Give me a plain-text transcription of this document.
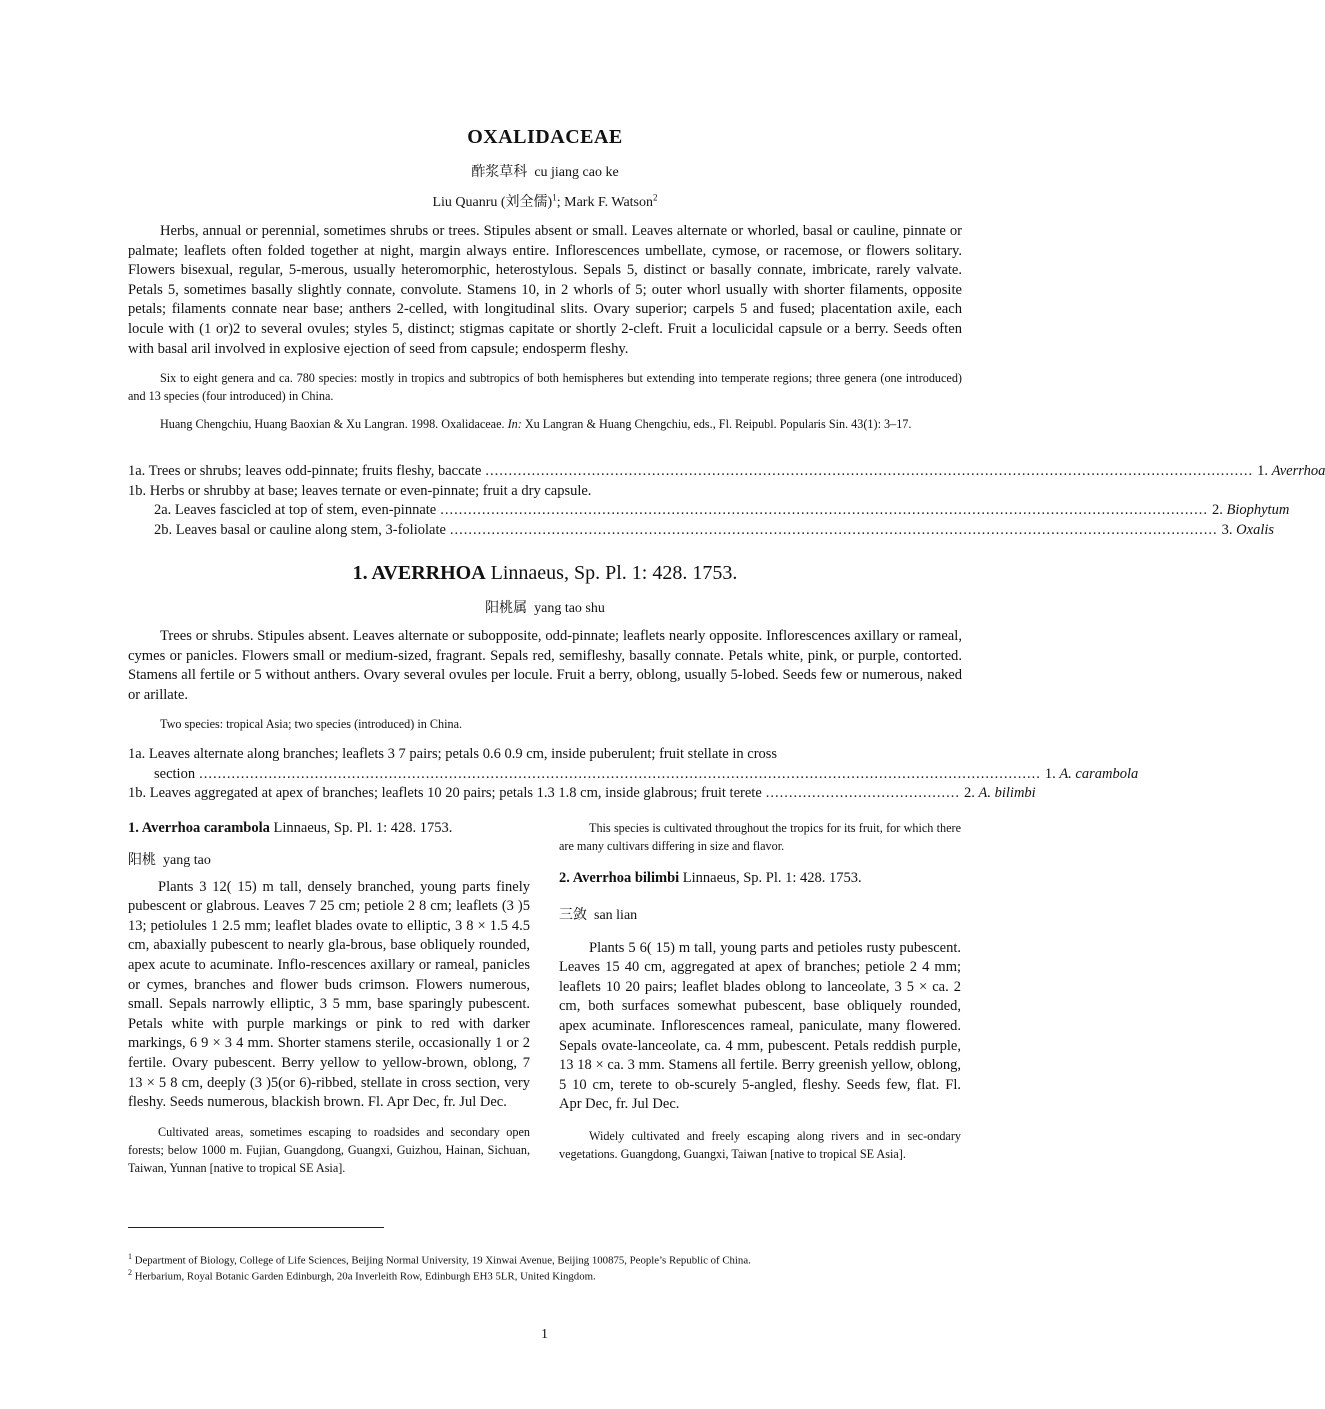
OXALIDACEAE
酢浆草科 cu jiang cao ke
Liu Quanru (刘全儒)$^1$; Mark F. Watson$^2$
Herbs, annual or perennial, sometimes shrubs or trees. Stipules absent or small. Leaves alternate or whorled, basal or cauline, pinnate or palmate; leaflets often folded together at night, margin always entire. Inflorescences umbellate, cymose, or racemose, or flowers solitary. Flowers bisexual, regular, 5-merous, usually heteromorphic, heterostylous. Sepals 5, distinct or basally connate, imbricate, rarely valvate. Petals 5, sometimes basally slightly connate, convolute. Stamens 10, in 2 whorls of 5; outer whorl usually with shorter filaments, opposite petals; filaments connate near base; anthers 2-celled, with longitudinal slits. Ovary superior; carpels 5 and fused; placentation axile, each locule with (1 or)2 to several ovules; styles 5, distinct; stigmas capitate or shortly 2-cleft. Fruit a loculicidal capsule or a berry. Seeds often with basal aril involved in explosive ejection of seed from capsule; endosperm fleshy.
Six to eight genera and ca. 780 species: mostly in tropics and subtropics of both hemispheres but extending into temperate regions; three genera (one introduced) and 13 species (four introduced) in China.
Huang Chengchiu, Huang Baoxian & Xu Langran. 1998. Oxalidaceae. In: Xu Langran & Huang Chengchiu, eds., Fl. Reipubl. Popularis Sin. 43(1): 3–17.
1a. Trees or shrubs; leaves odd-pinnate; fruits fleshy, baccate ...................................................................................................................................................................... 1. Averrhoa
1b. Herbs or shrubby at base; leaves ternate or even-pinnate; fruit a dry capsule.
2a. Leaves fascicled at top of stem, even-pinnate ...................................................................................................................................................................... 2. Biophytum
2b. Leaves basal or cauline along stem, 3-foliolate ...................................................................................................................................................................... 3. Oxalis
1. AVERRHOA Linnaeus, Sp. Pl. 1: 428. 1753.
阳桃属 yang tao shu
Trees or shrubs. Stipules absent. Leaves alternate or subopposite, odd-pinnate; leaflets nearly opposite. Inflorescences axillary or rameal, cymes or panicles. Flowers small or medium-sized, fragrant. Sepals red, semifleshy, basally connate. Petals white, pink, or purple, contorted. Stamens all fertile or 5 without anthers. Ovary several ovules per locule. Fruit a berry, oblong, usually 5-lobed. Seeds few or numerous, naked or arillate.
Two species: tropical Asia; two species (introduced) in China.
1a. Leaves alternate along branches; leaflets 3 7 pairs; petals 0.6 0.9 cm, inside puberulent; fruit stellate in cross
section ...................................................................................................................................................................................... 1. A. carambola
1b. Leaves aggregated at apex of branches; leaflets 10 20 pairs; petals 1.3 1.8 cm, inside glabrous; fruit terete .......................................... 2. A. bilimbi
1. Averrhoa carambola Linnaeus, Sp. Pl. 1: 428. 1753.
阳桃 yang tao
Plants 3 12( 15) m tall, densely branched, young parts finely pubescent or glabrous. Leaves 7 25 cm; petiole 2 8 cm; leaflets (3 )5 13; petiolules 1 2.5 mm; leaflet blades ovate to elliptic, 3 8 × 1.5 4.5 cm, abaxially pubescent to nearly gla-brous, base obliquely rounded, apex acute to acuminate. Inflo-rescences axillary or rameal, panicles or cymes, branches and flower buds crimson. Flowers numerous, small. Sepals narrowly elliptic, 3 5 mm, base sparingly pubescent. Petals white with purple markings or pink to red with darker markings, 6 9 × 3 4 mm. Shorter stamens sterile, occasionally 1 or 2 fertile. Ovary pubescent. Berry yellow to yellow-brown, oblong, 7 13 × 5 8 cm, deeply (3 )5(or 6)-ribbed, stellate in cross section, very fleshy. Seeds numerous, blackish brown. Fl. Apr Dec, fr. Jul Dec.
Cultivated areas, sometimes escaping to roadsides and secondary open forests; below 1000 m. Fujian, Guangdong, Guangxi, Guizhou, Hainan, Sichuan, Taiwan, Yunnan [native to tropical SE Asia].
This species is cultivated throughout the tropics for its fruit, for which there are many cultivars differing in size and flavor.
2. Averrhoa bilimbi Linnaeus, Sp. Pl. 1: 428. 1753.
三敛 san lian
Plants 5 6( 15) m tall, young parts and petioles rusty pubescent. Leaves 15 40 cm, aggregated at apex of branches; petiole 2 4 mm; leaflets 10 20 pairs; leaflet blades oblong to lanceolate, 3 5 × ca. 2 cm, both surfaces somewhat pubescent, base obliquely rounded, apex acuminate. Inflorescences rameal, paniculate, many flowered. Sepals ovate-lanceolate, ca. 4 mm, pubescent. Petals reddish purple, 13 18 × ca. 3 mm. Stamens all fertile. Berry greenish yellow, oblong, 5 10 cm, terete to ob-scurely 5-angled, fleshy. Seeds few, flat. Fl. Apr Dec, fr. Jul Dec.
Widely cultivated and freely escaping along rivers and in sec-ondary vegetations. Guangdong, Guangxi, Taiwan [native to tropical SE Asia].
$^1$ Department of Biology, College of Life Sciences, Beijing Normal University, 19 Xinwai Avenue, Beijing 100875, People’s Republic of China.
$^2$ Herbarium, Royal Botanic Garden Edinburgh, 20a Inverleith Row, Edinburgh EH3 5LR, United Kingdom.
1
